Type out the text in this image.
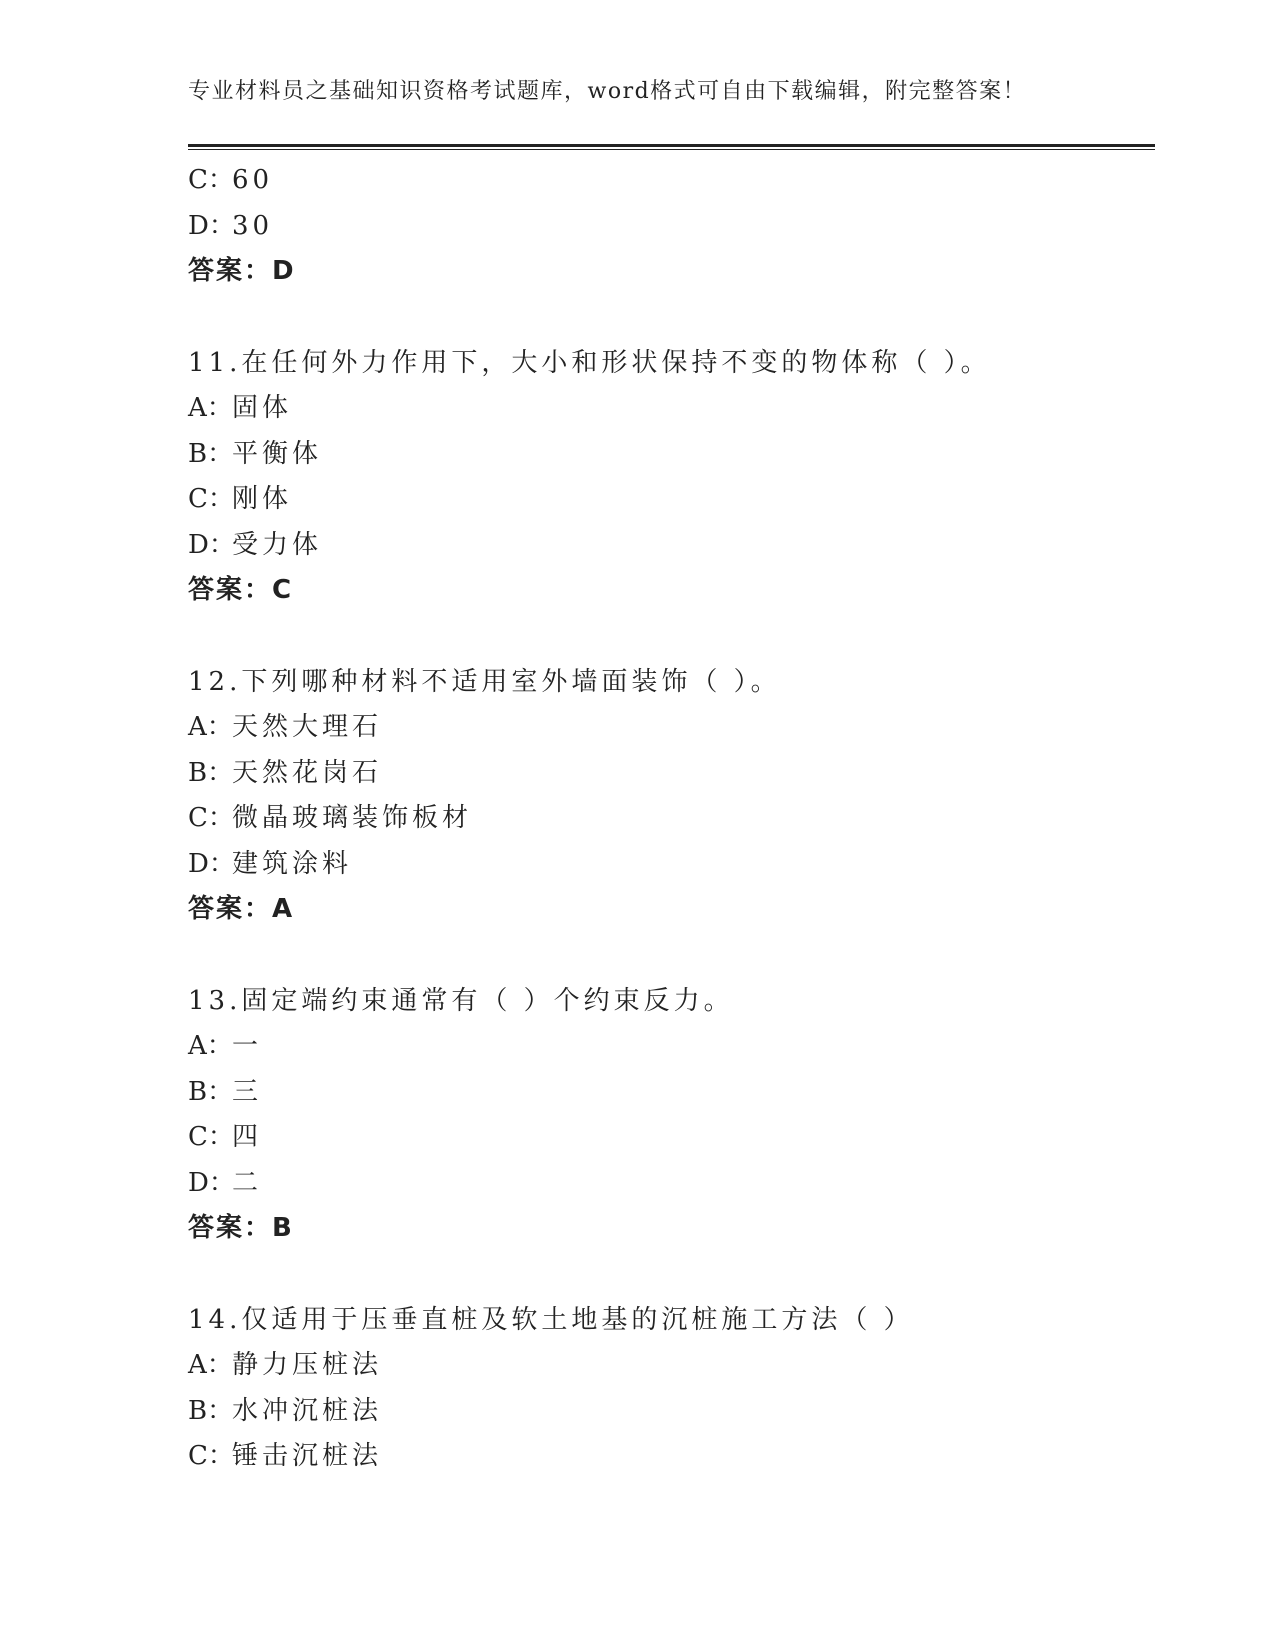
专业材料员之基础知识资格考试题库，word格式可自由下载编辑，附完整答案！
C：60
D：30
答案：D
11.在任何外力作用下，大小和形状保持不变的物体称（ ）。
A：固体
B：平衡体
C：刚体
D：受力体
答案：C
12.下列哪种材料不适用室外墙面装饰（ ）。
A：天然大理石
B：天然花岗石
C：微晶玻璃装饰板材
D：建筑涂料
答案：A
13.固定端约束通常有（ ）个约束反力。
A：一
B：三
C：四
D：二
答案：B
14.仅适用于压垂直桩及软土地基的沉桩施工方法（ ）
A：静力压桩法
B：水冲沉桩法
C：锤击沉桩法
